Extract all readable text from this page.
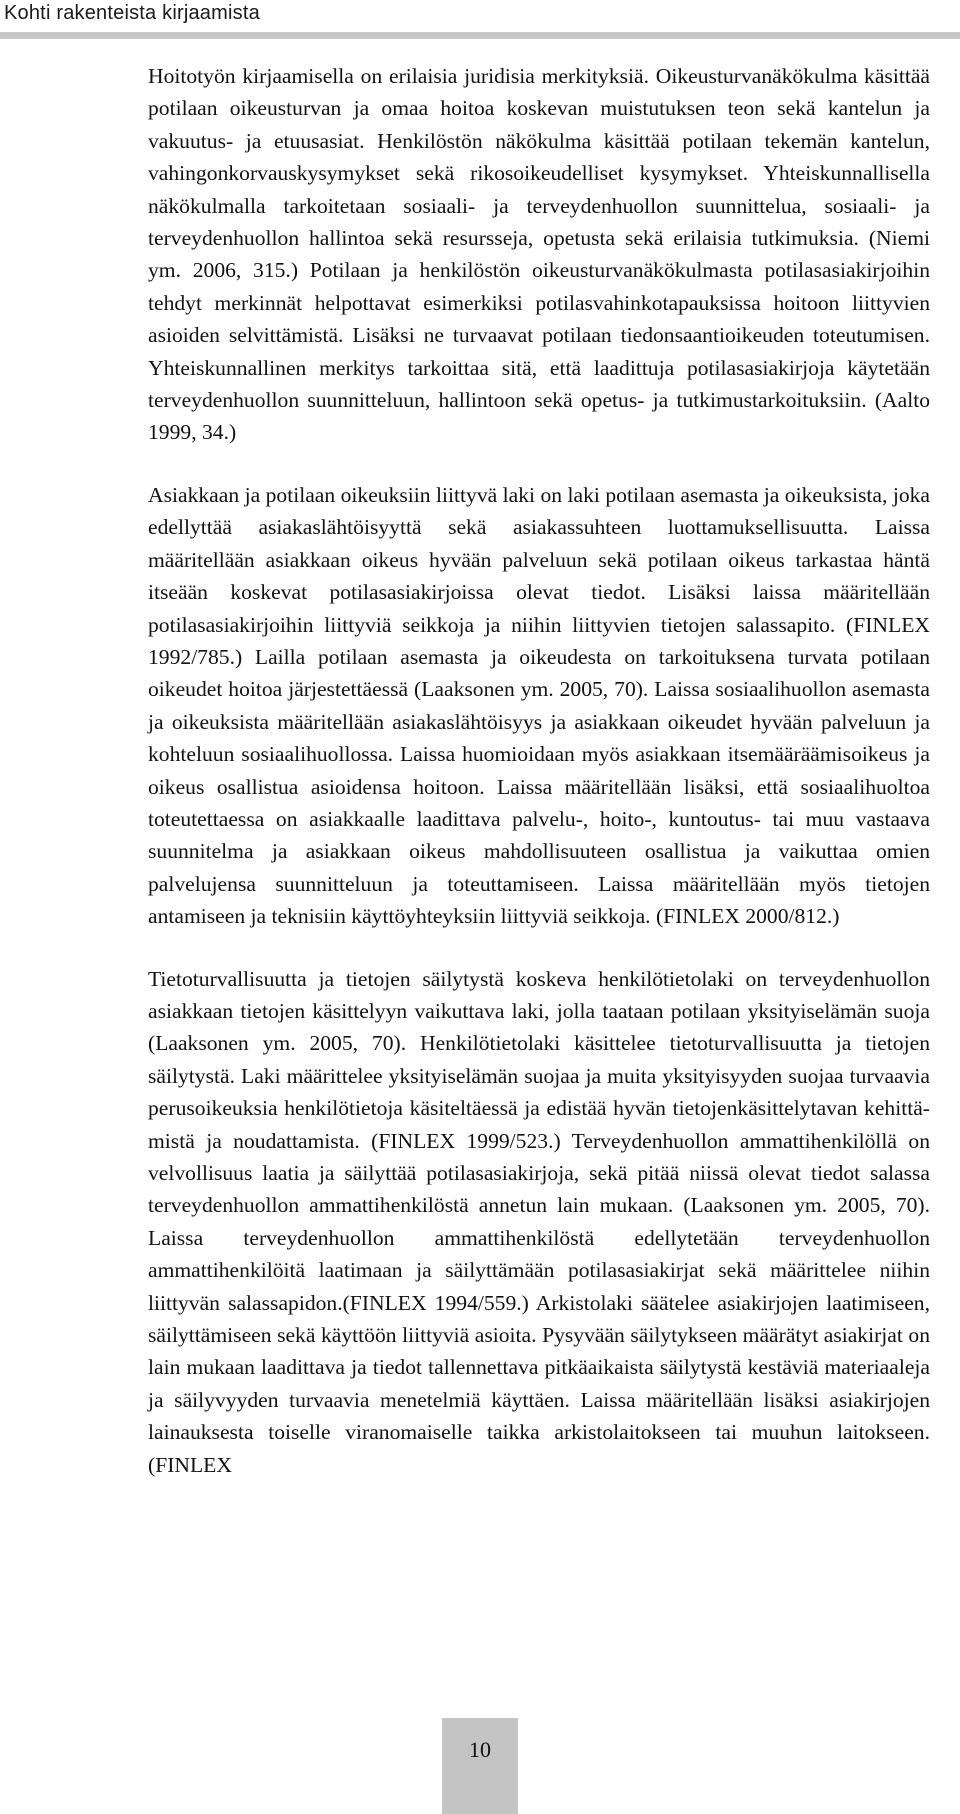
Kohti rakenteista kirjaamista

Hoitotyön kirjaamisella on erilaisia juridisia merkityksiä. Oikeusturvanäkökulma käsittää potilaan oikeusturvan ja omaa hoitoa koskevan muistutuksen teon sekä kantelun ja vakuutus- ja etuusasiat. Henkilöstön näkökulma käsittää potilaan tekemän kantelun, vahingonkorvauskysymykset sekä rikosoikeudelliset kysymykset. Yhteiskunnallisella näkökulmalla tarkoitetaan sosiaali- ja terveydenhuollon suunnittelua, sosiaali- ja terveydenhuollon hallintoa sekä resursseja, opetusta sekä erilaisia tutkimuksia. (Niemi ym. 2006, 315.) Potilaan ja henkilöstön oikeusturvanäkökulmasta potilasasiakirjoihin tehdyt merkinnät helpottavat esimerkiksi potilasvahinkotapauksissa hoitoon liittyvien asioiden selvittämistä. Lisäksi ne turvaavat potilaan tiedonsaantioikeuden toteutumisen. Yhteiskunnallinen merkitys tarkoittaa sitä, että laadittuja potilasasiakirjoja käytetään terveydenhuollon suunnitteluun, hallintoon sekä opetus- ja tutkimustarkoituksiin. (Aalto 1999, 34.)

Asiakkaan ja potilaan oikeuksiin liittyvä laki on laki potilaan asemasta ja oikeuksista, joka edellyttää asiakaslähtöisyyttä sekä asiakassuhteen luottamuksellisuutta. Laissa määritellään asiakkaan oikeus hyvään palveluun sekä potilaan oikeus tarkastaa häntä itseään koskevat potilasasiakirjoissa olevat tiedot. Lisäksi laissa määritellään potilasasiakirjoihin liittyviä seikkoja ja niihin liittyvien tietojen salassapito. (FINLEX 1992/785.) Lailla potilaan asemasta ja oikeudesta on tarkoituksena turvata potilaan oikeudet hoitoa järjestettäessä (Laaksonen ym. 2005, 70). Laissa sosiaalihuollon asemasta ja oikeuksista määritellään asiakaslähtöisyys ja asiakkaan oikeudet hyvään palveluun ja kohteluun sosiaalihuollossa. Laissa huomioidaan myös asiakkaan itsemääräämisoikeus ja oikeus osallistua asioidensa hoitoon. Laissa määritellään lisäksi, että sosiaalihuoltoa toteutettaessa on asiakkaalle laadittava palvelu-, hoito-, kuntoutus- tai muu vastaava suunnitelma ja asiakkaan oikeus mahdollisuuteen osallistua ja vaikuttaa omien palvelujensa suunnitteluun ja toteuttamiseen. Laissa määritellään myös tietojen antamiseen ja teknisiin käyttöyhteyksiin liittyviä seikkoja. (FINLEX 2000/812.)

Tietoturvallisuutta ja tietojen säilytystä koskeva henkilötietolaki on terveydenhuollon asiakkaan tietojen käsittelyyn vaikuttava laki, jolla taataan potilaan yksityiselämän suoja (Laaksonen ym. 2005, 70). Henkilötietolaki käsittelee tietoturvallisuutta ja tietojen säilytystä. Laki määrittelee yksityiselämän suojaa ja muita yksityisyyden suojaa turvaavia perusoikeuksia henkilötietoja käsiteltäessä ja edistää hyvän tietojenkäsittelytavan kehittämistä ja noudattamista. (FINLEX 1999/523.) Terveydenhuollon ammattihenkilöllä on velvollisuus laatia ja säilyttää potilasasiakirjoja, sekä pitää niissä olevat tiedot salassa terveydenhuollon ammattihenkilöstä annetun lain mukaan. (Laaksonen ym. 2005, 70). Laissa terveydenhuollon ammattihenkilöstä edellytetään terveydenhuollon ammattihenkilöitä laatimaan ja säilyttämään potilasasiakirjat sekä määrittelee niihin liittyvän salassapidon.(FINLEX 1994/559.) Arkistolaki säätelee asiakirjojen laatimiseen, säilyttämiseen sekä käyttöön liittyviä asioita. Pysyvään säilytykseen määrätyt asiakirjat on lain mukaan laadittava ja tiedot tallennettava pitkäaikaista säilytystä kestäviä materiaaleja ja säilyvyyden turvaavia menetelmiä käyttäen. Laissa määritellään lisäksi asiakirjojen lainauksesta toiselle viranomaiselle taikka arkistolaitokseen tai muuhun laitokseen. (FINLEX

10
